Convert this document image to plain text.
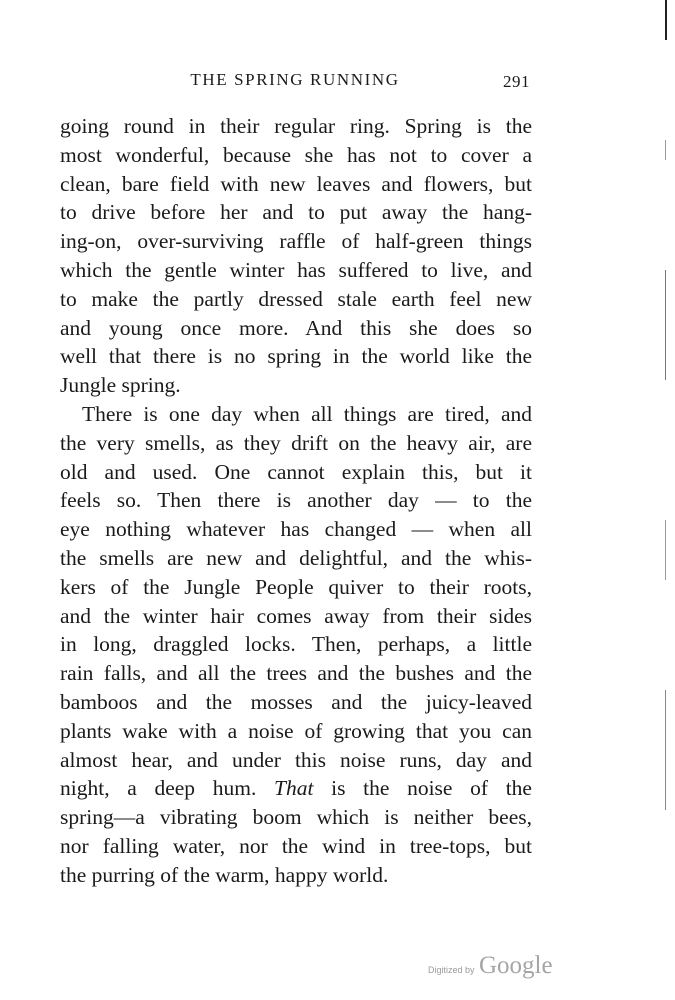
THE SPRING RUNNING	291
going round in their regular ring. Spring is the
most wonderful, because she has not to cover a
clean, bare field with new leaves and flowers, but
to drive before her and to put away the hang-
ing-on, over-surviving raffle of half-green things
which the gentle winter has suffered to live, and
to make the partly dressed stale earth feel new
and young once more. And this she does so
well that there is no spring in the world like the
Jungle spring.
There is one day when all things are tired, and
the very smells, as they drift on the heavy air, are
old and used. One cannot explain this, but it
feels so. Then there is another day — to the
eye nothing whatever has changed — when all
the smells are new and delightful, and the whis-
kers of the Jungle People quiver to their roots,
and the winter hair comes away from their sides
in long, draggled locks. Then, perhaps, a little
rain falls, and all the trees and the bushes and the
bamboos and the mosses and the juicy-leaved
plants wake with a noise of growing that you can
almost hear, and under this noise runs, day and
night, a deep hum. That is the noise of the
spring—a vibrating boom which is neither bees,
nor falling water, nor the wind in tree-tops, but
the purring of the warm, happy world.
Digitized by Google
